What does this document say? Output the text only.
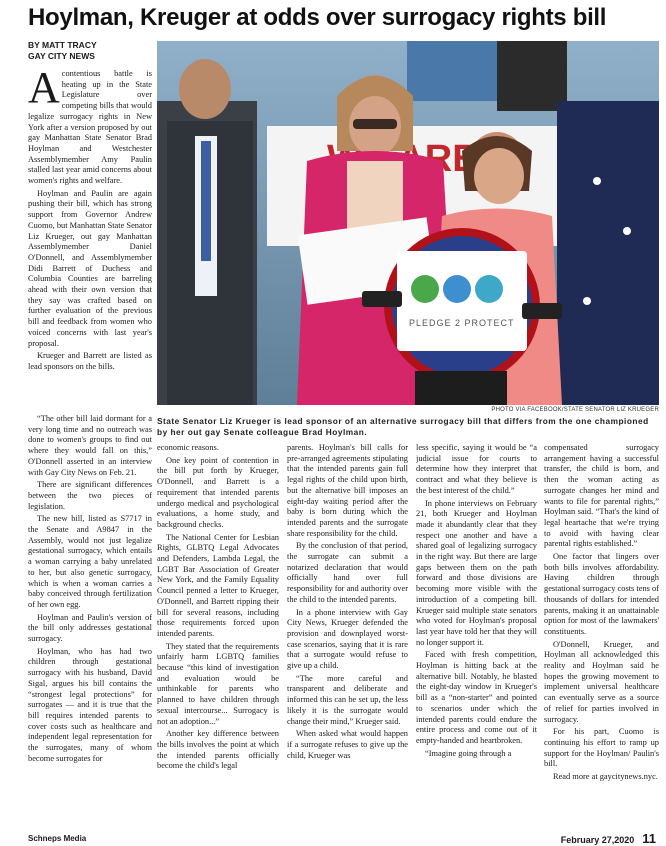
Hoylman, Kreuger at odds over surrogacy rights bill
BY MATT TRACY
GAY CITY NEWS
ARE
PLEDGE 2 PROTECT
PHOTO VIA FACEBOOK/STATE SENATOR LIZ KRUEGER
State Senator Liz Krueger is lead sponsor of an alternative surrogacy bill that differs from the one championed by her out gay Senate colleague Brad Hoylman.

Acontentious battle is heating up in the State Legislature over competing bills that would legalize surrogacy rights in New York after a version proposed by out gay Manhattan State Senator Brad Hoylman and Westchester Assemblymember Amy Paulin stalled last year amid concerns about women's rights and welfare.

Hoylman and Paulin are again pushing their bill, which has strong support from Governor Andrew Cuomo, but Manhattan State Senator Liz Krueger, out gay Manhattan Assemblymember Daniel O'Donnell, and Assemblymember Didi Barrett of Duchess and Columbia Counties are barreling ahead with their own version that they say was crafted based on further evaluation of the previous bill and feedback from women who voiced concerns with last year's proposal.

Krueger and Barrett are listed as lead sponsors on the bills.

“The other bill laid dormant for a very long time and no outreach was done to women's groups to find out where they would fall on this,” O'Donnell asserted in an interview with Gay City News on Feb. 21.

There are significant differences between the two pieces of legislation.

The new bill, listed as S7717 in the Senate and A9847 in the Assembly, would not just legalize gestational surrogacy, which entails a woman carrying a baby unrelated to her, but also genetic surrogacy, which is when a woman carries a baby conceived through fertilization of her own egg.

Hoylman and Paulin's version of the bill only addresses gestational surrogacy.

Hoylman, who has had two children through gestational surrogacy with his husband, David Sigal, argues his bill contains the “strongest legal protections” for surrogates — and it is true that the bill requires intended parents to cover costs such as healthcare and independent legal representation for the surrogates, many of whom become surrogates for

economic reasons.

One key point of contention in the bill put forth by Krueger, O'Donnell, and Barrett is a requirement that intended parents undergo medical and psychological evaluations, a home study, and background checks.

The National Center for Lesbian Rights, GLBTQ Legal Advocates and Defenders, Lambda Legal, the LGBT Bar Association of Greater New York, and the Family Equality Council penned a letter to Krueger, O'Donnell, and Barrett ripping their bill for several reasons, including those requirements forced upon intended parents.

They stated that the requirements unfairly harm LGBTQ families because “this kind of investigation and evaluation would be unthinkable for parents who planned to have children through sexual intercourse... Surrogacy is not an adoption...”

Another key difference between the bills involves the point at which the intended parents officially become the child's legal

parents. Hoylman's bill calls for pre-arranged agreements stipulating that the intended parents gain full legal rights of the child upon birth, but the alternative bill imposes an eight-day waiting period after the baby is born during which the intended parents and the surrogate share responsibility for the child.

By the conclusion of that period, the surrogate can submit a notarized declaration that would officially hand over full responsibility for and authority over the child to the intended parents.

In a phone interview with Gay City News, Krueger defended the provision and downplayed worst-case scenarios, saying that it is rare that a surrogate would refuse to give up a child.

“The more careful and transparent and deliberate and informed this can be set up, the less likely it is the surrogate would change their mind,” Krueger said.

When asked what would happen if a surrogate refuses to give up the child, Krueger was

less specific, saying it would be “a judicial issue for courts to determine how they interpret that contract and what they believe is the best interest of the child.”

In phone interviews on February 21, both Krueger and Hoylman made it abundantly clear that they respect one another and have a shared goal of legalizing surrogacy in the right way. But there are large gaps between them on the path forward and those divisions are becoming more visible with the introduction of a competing bill. Krueger said multiple state senators who voted for Hoylman's proposal last year have told her that they will no longer support it.

Faced with fresh competition, Hoylman is hitting back at the alternative bill. Notably, he blasted the eight-day window in Krueger's bill as a “non-starter” and pointed to scenarios under which the intended parents could endure the entire process and come out of it empty-handed and heartbroken.

“Imagine going through a

compensated surrogacy arrangement having a successful transfer, the child is born, and then the woman acting as surrogate changes her mind and wants to file for parental rights,” Hoylman said. “That's the kind of legal heartache that we're trying to avoid with having clear parental rights established.”

One factor that lingers over both bills involves affordability. Having children through gestational surrogacy costs tens of thousands of dollars for intended parents, making it an unattainable option for most of the lawmakers' constituents.

O'Donnell, Krueger, and Hoylman all acknowledged this reality and Hoylman said he hopes the growing movement to implement universal healthcare can eventually serve as a source of relief for parties involved in surrogacy.

For his part, Cuomo is continuing his effort to ramp up support for the Hoylman/ Paulin's bill.

Read more at gaycitynews.nyc.

Schneps Media	February 27,2020 11
